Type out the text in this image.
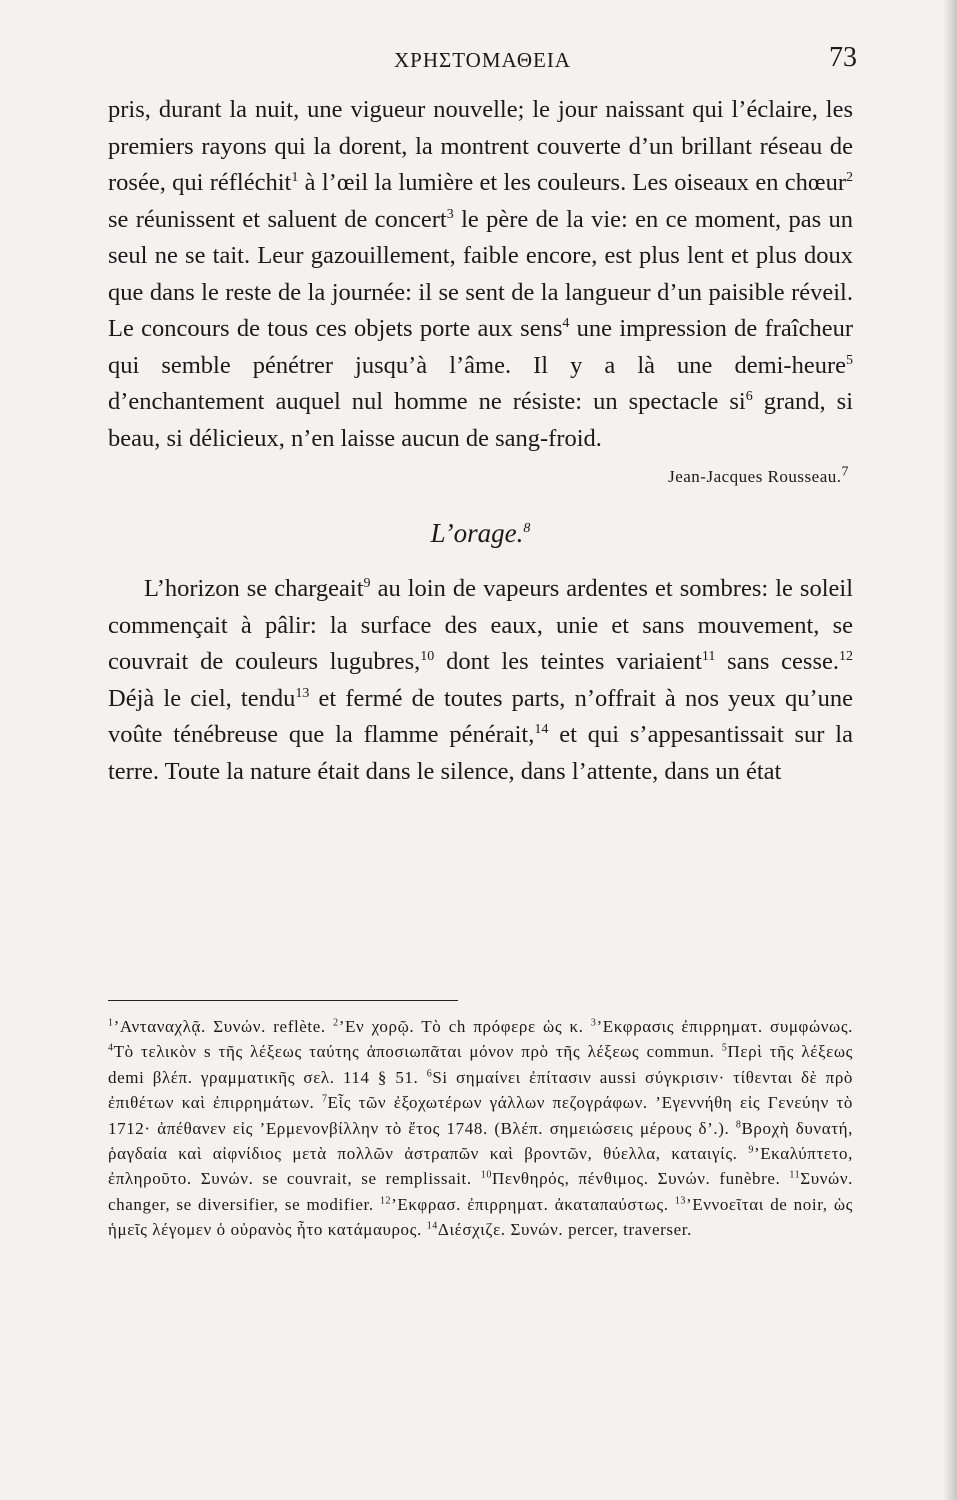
ΧΡΗΣΤΟΜΑΘΕΙΑ	73

pris, durant la nuit, une vigueur nouvelle; le jour naissant qui l’éclaire, les premiers rayons qui la dorent, la montrent couverte d’un brillant réseau de rosée, qui réfléchit$^1$ à l’œil la lumière et les couleurs. Les oiseaux en chœur$^2$ se réunissent et saluent de concert$^3$ le père de la vie: en ce moment, pas un seul ne se tait. Leur gazouillement, faible encore, est plus lent et plus doux que dans le reste de la journée: il se sent de la langueur d’un paisible réveil. Le concours de tous ces objets porte aux sens$^4$ une impression de fraîcheur qui semble pénétrer jusqu’à l’âme. Il y a là une demi-heure$^5$ d’enchantement auquel nul homme ne résiste: un spectacle $si^6$ grand, si beau, si délicieux, n’en laisse aucun de sang-froid.

Jean-Jacques Rousseau.$^7$
L’orage.$^8$

L’horizon se chargeait$^9$ au loin de vapeurs ardentes et sombres: le soleil commençait à pâlir: la surface des eaux, unie et sans mouvement, se couvrait de couleurs lugubres,$^{10}$ dont les teintes variaient$^{11}$ sans cesse.$^{12}$ Déjà le ciel, tendu$^{13}$ et fermé de toutes parts, n’offrait à nos yeux qu’une voûte ténébreuse que la flamme pénérait,$^{14}$ et qui s’appesantissait sur la terre. Toute la nature était dans le silence, dans l’attente, dans un état

$^1$’Ανταναχλᾷ. Συνών. reflète. $^2$’Εν χορῷ. Τὸ ch πρόφερε ὡς κ. $^3$’Εκφρασις ἐπιρρηματ. συμφώνως. $^4$Τὸ τελικὸν s τῆς λέξεως ταύτης ἀποσιωπᾶται μόνον πρὸ τῆς λέξεως commun. $^5$Περὶ τῆς λέξεως demi βλέπ. γραμματικῆς σελ. 114 § 51. $^6$Si σημαίνει ἐπίτασιν aussi σύγκρισιν· τίθενται δὲ πρὸ ἐπιθέτων καὶ ἐπιρρημάτων. $^7$Εἷς τῶν ἐξοχωτέρων γάλλων πεζογράφων. ’Εγεννήθη εἰς Γενεύην τὸ 1712· ἀπέθανεν εἰς ’Ερμενονβίλλην τὸ ἔτος 1748. (Βλέπ. σημειώσεις μέρους δ’.). $^8$Βροχὴ δυνατή, ῥαγδαία καὶ αἰφνίδιος μετὰ πολλῶν ἀστραπῶν καὶ βροντῶν, θύελλα, καταιγίς. $^9$’Εκαλύπτετο, ἐπληροῦτο. Συνών. se couvrait, se remplissait. $^{10}$Πενθηρός, πένθιμος. Συνών. funèbre. $^{11}$Συνών. changer, se diversifier, se modifier. $^{12}$’Εκφρασ. ἐπιρρηματ. ἀκαταπαύστως. $^{13}$’Εννοεῖται de noir, ὡς ἡμεῖς λέγομεν ὁ οὐρανὸς ἦτο κατάμαυρος. $^{14}$Διέσχιζε. Συνών. percer, traverser.
